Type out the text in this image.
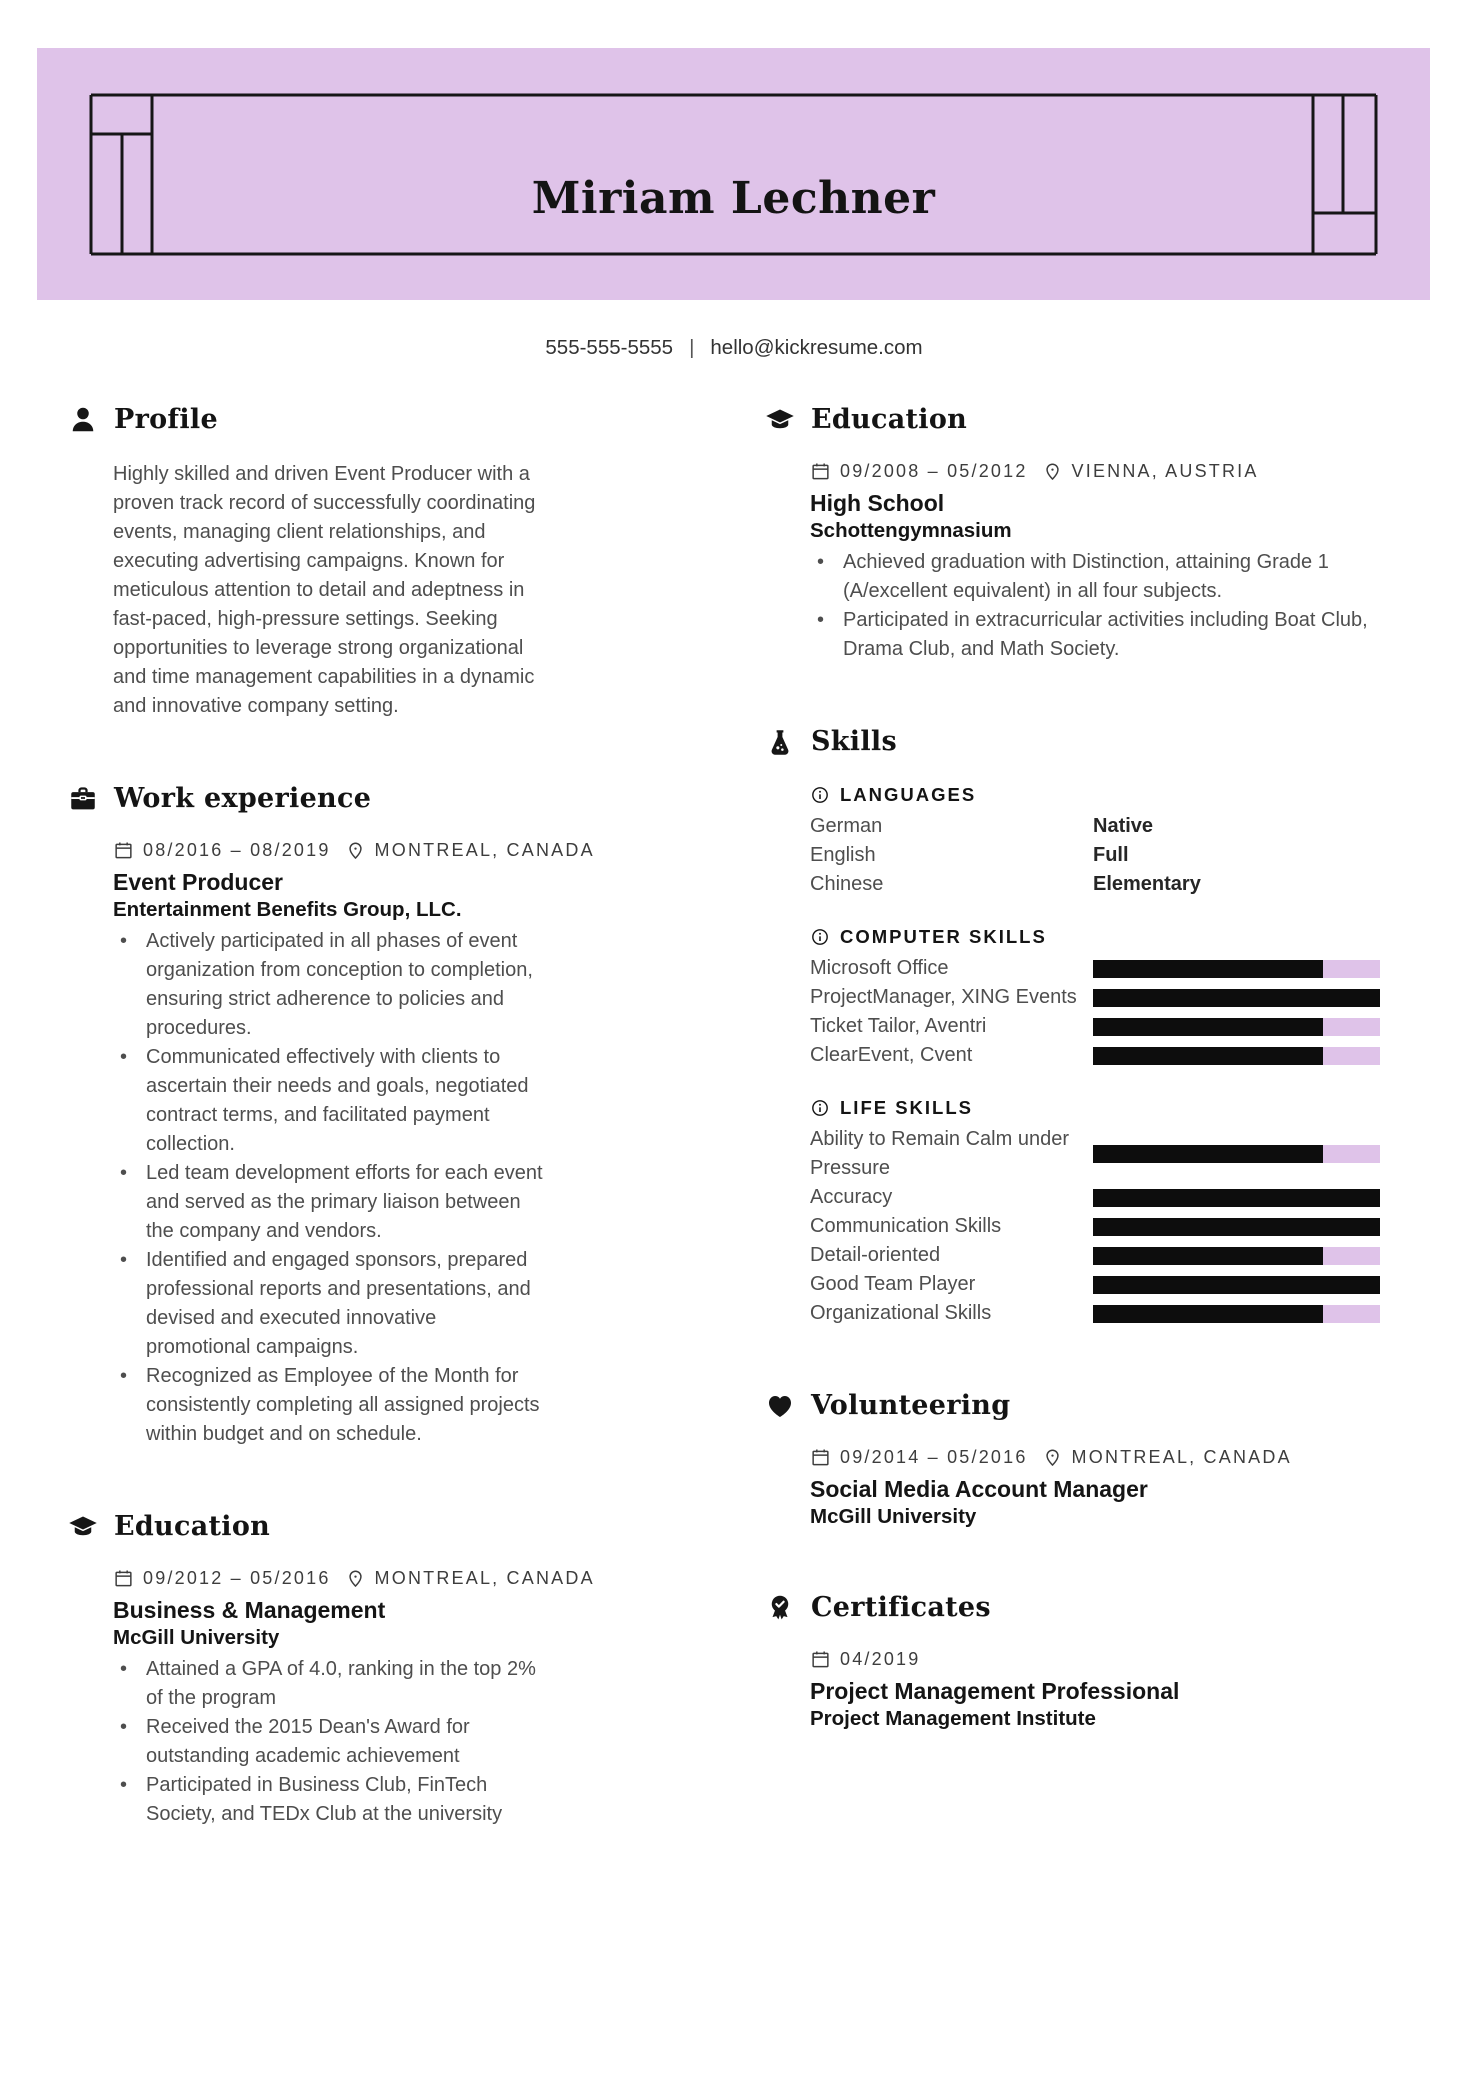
Miriam Lechner
555-555-5555 | hello@kickresume.com
Profile
Highly skilled and driven Event Producer with a proven track record of successfully coordinating events, managing client relationships, and executing advertising campaigns. Known for meticulous attention to detail and adeptness in fast-paced, high-pressure settings. Seeking opportunities to leverage strong organizational and time management capabilities in a dynamic and innovative company setting.
Work experience
08/2016 – 08/2019 MONTREAL, CANADA
Event Producer
Entertainment Benefits Group, LLC.
• Actively participated in all phases of event organization from conception to completion, ensuring strict adherence to policies and procedures.
• Communicated effectively with clients to ascertain their needs and goals, negotiated contract terms, and facilitated payment collection.
• Led team development efforts for each event and served as the primary liaison between the company and vendors.
• Identified and engaged sponsors, prepared professional reports and presentations, and devised and executed innovative promotional campaigns.
• Recognized as Employee of the Month for consistently completing all assigned projects within budget and on schedule.
Education
09/2012 – 05/2016 MONTREAL, CANADA
Business & Management
McGill University
• Attained a GPA of 4.0, ranking in the top 2% of the program
• Received the 2015 Dean's Award for outstanding academic achievement
• Participated in Business Club, FinTech Society, and TEDx Club at the university
Education
09/2008 – 05/2012 VIENNA, AUSTRIA
High School
Schottengymnasium
• Achieved graduation with Distinction, attaining Grade 1 (A/excellent equivalent) in all four subjects.
• Participated in extracurricular activities including Boat Club, Drama Club, and Math Society.
Skills
LANGUAGES
German	Native
English	Full
Chinese	Elementary
COMPUTER SKILLS
Microsoft Office
ProjectManager, XING Events
Ticket Tailor, Aventri
ClearEvent, Cvent
LIFE SKILLS
Ability to Remain Calm under Pressure
Accuracy
Communication Skills
Detail-oriented
Good Team Player
Organizational Skills
Volunteering
09/2014 – 05/2016 MONTREAL, CANADA
Social Media Account Manager
McGill University
Certificates
04/2019
Project Management Professional
Project Management Institute
